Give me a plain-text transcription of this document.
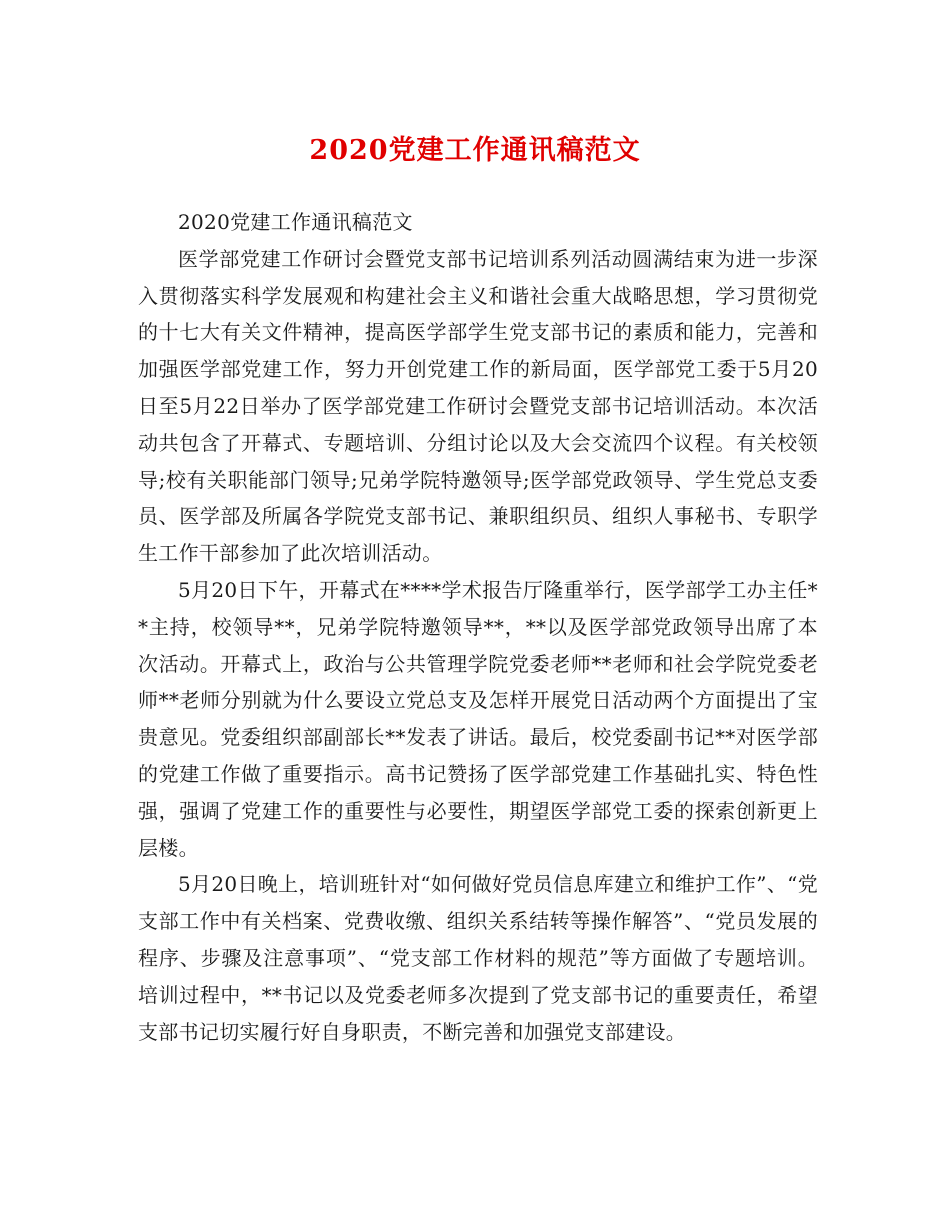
2020党建工作通讯稿范文

2020党建工作通讯稿范文

医学部党建工作研讨会暨党支部书记培训系列活动圆满结束为进一步深入贯彻落实科学发展观和构建社会主义和谐社会重大战略思想，学习贯彻党的十七大有关文件精神，提高医学部学生党支部书记的素质和能力，完善和加强医学部党建工作，努力开创党建工作的新局面，医学部党工委于5月20日至5月22日举办了医学部党建工作研讨会暨党支部书记培训活动。本次活动共包含了开幕式、专题培训、分组讨论以及大会交流四个议程。有关校领导;校有关职能部门领导;兄弟学院特邀领导;医学部党政领导、学生党总支委员、医学部及所属各学院党支部书记、兼职组织员、组织人事秘书、专职学生工作干部参加了此次培训活动。

5月20日下午，开幕式在****学术报告厅隆重举行，医学部学工办主任**主持，校领导**，兄弟学院特邀领导**，**以及医学部党政领导出席了本次活动。开幕式上，政治与公共管理学院党委老师**老师和社会学院党委老师**老师分别就为什么要设立党总支及怎样开展党日活动两个方面提出了宝贵意见。党委组织部副部长**发表了讲话。最后，校党委副书记**对医学部的党建工作做了重要指示。高书记赞扬了医学部党建工作基础扎实、特色性强，强调了党建工作的重要性与必要性，期望医学部党工委的探索创新更上层楼。

5月20日晚上，培训班针对“如何做好党员信息库建立和维护工作”、“党支部工作中有关档案、党费收缴、组织关系结转等操作解答”、“党员发展的程序、步骤及注意事项”、“党支部工作材料的规范”等方面做了专题培训。培训过程中，**书记以及党委老师多次提到了党支部书记的重要责任，希望支部书记切实履行好自身职责，不断完善和加强党支部建设。
